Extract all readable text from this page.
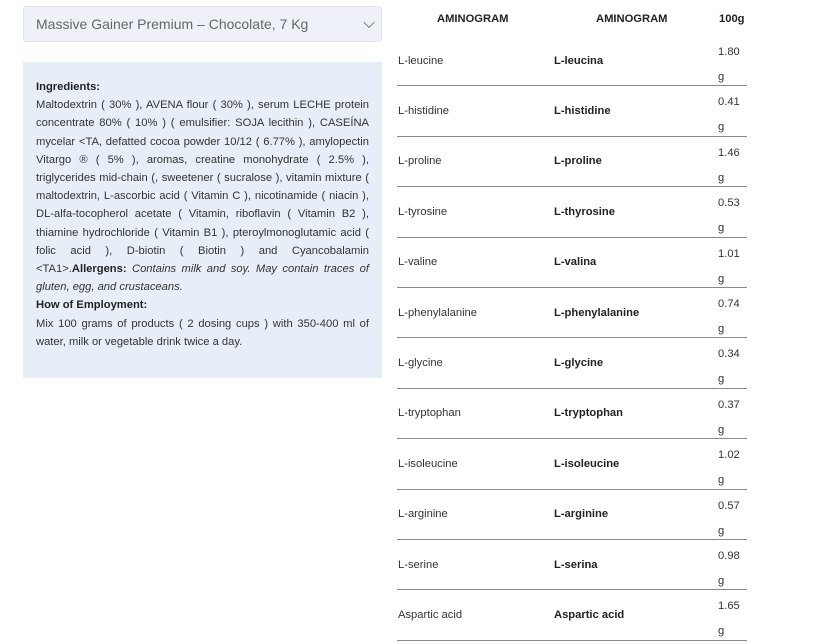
Massive Gainer Premium – Chocolate, 7 Kg
Ingredients:

Maltodextrin ( 30% ), AVENA flour ( 30% ), serum LECHE protein concentrate 80% ( 10% ) ( emulsifier: SOJA lecithin ), CASEÍNA mycelar <TA, defatted cocoa powder 10/12 ( 6.77% ), amylopectin Vitargo ® ( 5% ), aromas, creatine monohydrate ( 2.5% ), triglycerides mid-chain (, sweetener ( sucralose ), vitamin mixture ( maltodextrin, L-ascorbic acid ( Vitamin C ), nicotinamide ( niacin ), DL-alfa-tocopherol acetate ( Vitamin, riboflavin ( Vitamin B2 ), thiamine hydrochloride ( Vitamin B1 ), pteroylmonoglutamic acid ( folic acid ), D-biotin ( Biotin ) and Cyancobalamin <TA1>.Allergens: Contains milk and soy. May contain traces of gluten, egg, and crustaceans.

How of Employment:

Mix 100 grams of products ( 2 dosing cups ) with 350-400 ml of water, milk or vegetable drink twice a day.

AMINOGRAM	AMINOGRAM	100g
L-leucine	L-leucina
1.80
g
L-histidine	L-histidine
0.41
g
L-proline	L-proline
1.46
g
L-tyrosine	L-thyrosine
0.53
g
L-valine	L-valina
1.01
g
L-phenylalanine	L-phenylalanine
0.74
g
L-glycine	L-glycine
0.34
g
L-tryptophan	L-tryptophan
0.37
g
L-isoleucine	L-isoleucine
1.02
g
L-arginine	L-arginine
0.57
g
L-serine	L-serina
0.98
g
Aspartic acid	Aspartic acid
1.65
g
